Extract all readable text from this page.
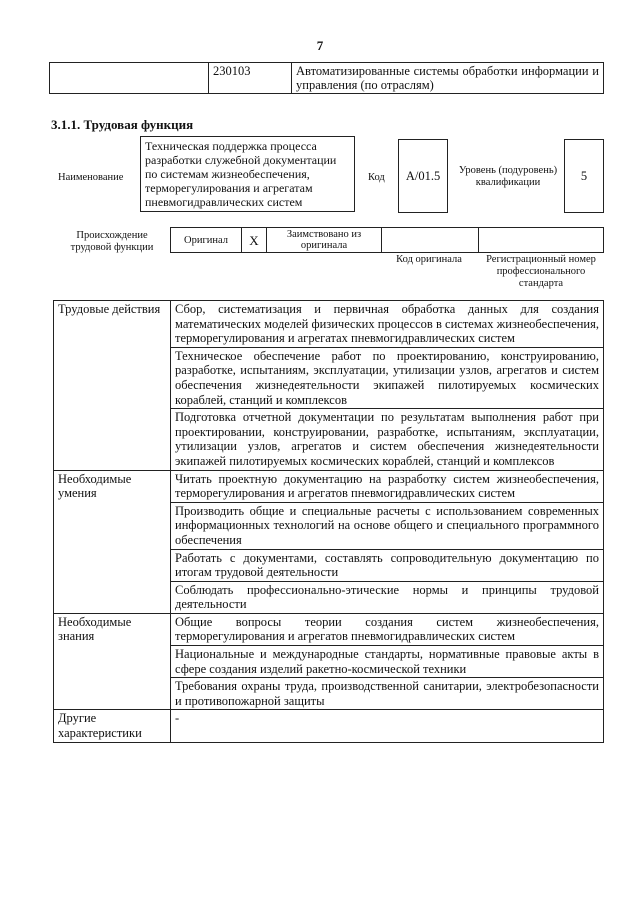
7
	230103	Автоматизированные системы обработки информации и управления (по отраслям)
3.1.1. Трудовая функция
Наименование
Техническая поддержка процесса разработки служебной документации по системам жизнеобеспечения, терморегулирования и агрегатам пневмогидравлических систем
Код A/01.5 Уровень (подуровень) квалификации	5
Происхождение трудовой функции
Оригинал	X	Заимствовано из оригинала		
Код оригинала	Регистрационный номер профессионального стандарта
Трудовые действия	Сбор, систематизация и первичная обработка данных для создания математических моделей физических процессов в системах жизнеобеспечения, терморегулирования и агрегатах пневмогидравлических систем
	Техническое обеспечение работ по проектированию, конструированию, разработке, испытаниям, эксплуатации, утилизации узлов, агрегатов и систем обеспечения жизнедеятельности экипажей пилотируемых космических кораблей, станций и комплексов
	Подготовка отчетной документации по результатам выполнения работ при проектировании, конструировании, разработке, испытаниям, эксплуатации, утилизации узлов, агрегатов и систем обеспечения жизнедеятельности экипажей пилотируемых космических кораблей, станций и комплексов
Необходимые умения	Читать проектную документацию на разработку систем жизнеобеспечения, терморегулирования и агрегатов пневмогидравлических систем
	Производить общие и специальные расчеты с использованием современных информационных технологий на основе общего и специального программного обеспечения
	Работать с документами, составлять сопроводительную документацию по итогам трудовой деятельности
	Соблюдать профессионально-этические нормы и принципы трудовой деятельности
Необходимые знания	Общие вопросы теории создания систем жизнеобеспечения, терморегулирования и агрегатов пневмогидравлических систем
	Национальные и международные стандарты, нормативные правовые акты в сфере создания изделий ракетно-космической техники
	Требования охраны труда, производственной санитарии, электробезопасности и противопожарной защиты
Другие характеристики	-
